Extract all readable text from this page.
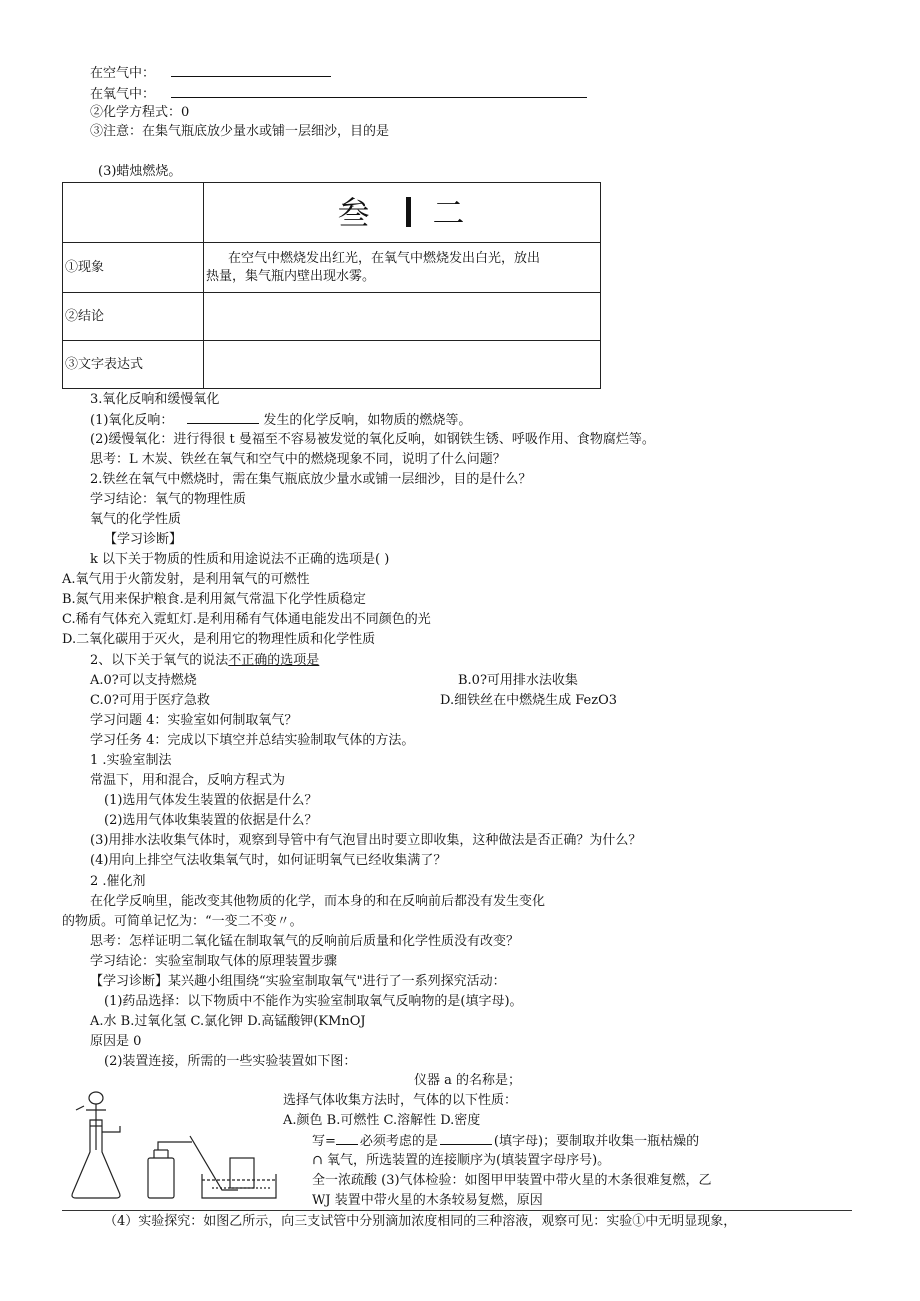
在空气中：
在氧气中：
②化学方程式：0
③注意：在集气瓶底放少量水或铺一层细沙，目的是
(3)蜡烛燃烧。
	叁 二
①现象	在空气中燃烧发出红光，在氧气中燃烧发出白光，放出
热量，集气瓶内壁出现水雾。

②结论	
③文字表达式	
3.氧化反响和缓慢氧化
(1)氧化反响：	发生的化学反响，如物质的燃烧等。
(2)缓慢氧化：进行得很 t 曼福至不容易被发觉的氧化反响，如钢铁生锈、呼吸作用、食物腐烂等。
思考：L 木炭、铁丝在氧气和空气中的燃烧现象不同，说明了什么问题？
2.铁丝在氧气中燃烧时，需在集气瓶底放少量水或铺一层细沙，目的是什么？
学习结论：氧气的物理性质
氧气的化学性质
【学习诊断】
k 以下关于物质的性质和用途说法不正确的选项是( )
A.氧气用于火箭发射，是利用氧气的可燃性
B.氮气用来保护粮食.是利用氮气常温下化学性质稳定
C.稀有气体充入霓虹灯.是利用稀有气体通电能发出不同颜色的光
D.二氧化碳用于灭火，是利用它的物理性质和化学性质
2、以下关于氧气的说法不正确的选项是
A.0?可以支持燃烧	B.0?可用排水法收集
C.0?可用于医疗急救	D.细铁丝在中燃烧生成 FezO3
学习问题 4：实验室如何制取氧气？
学习任务 4：完成以下填空并总结实验制取气体的方法。
1 .实验室制法
常温下，用和混合，反响方程式为
(1)选用气体发生装置的依据是什么？
(2)选用气体收集装置的依据是什么？
(3)用排水法收集气体时，观察到导管中有气泡冒出时要立即收集，这种做法是否正确？为什么？
(4)用向上排空气法收集氧气时，如何证明氧气已经收集满了？
2 .催化剂
在化学反响里，能改变其他物质的化学，而本身的和在反响前后都没有发生变化
的物质。可简单记忆为：“一变二不变〃。
思考：怎样证明二氧化锰在制取氧气的反响前后质量和化学性质没有改变？
学习结论：实验室制取气体的原理装置步骤
【学习诊断】某兴趣小组围绕“实验室制取氧气"进行了一系列探究活动：
(1)药品选择：以下物质中不能作为实验室制取氧气反响物的是(填字母)。
A.水 B.过氧化氢 C.氯化钾 D.高锰酸钾(KMnOJ
原因是 0
(2)装置连接，所需的一些实验装置如下图：
仪器 a 的名称是；
选择气体收集方法时，气体的以下性质：
A.颜色 B.可燃性 C.溶解性 D.密度
写= 必须考虑的是	(填字母)；要制取并收集一瓶枯燥的
∩ 氧气，所选装置的连接顺序为(填装置字母序号)。
全一浓疏酸 (3)气体检验：如图甲甲装置中带火星的木条很难复燃，乙
WJ 装置中带火星的木条较易复燃，原因
（4）实验探究：如图乙所示，向三支试管中分别滴加浓度相同的三种溶液，观察可见：实验①中无明显现象，
